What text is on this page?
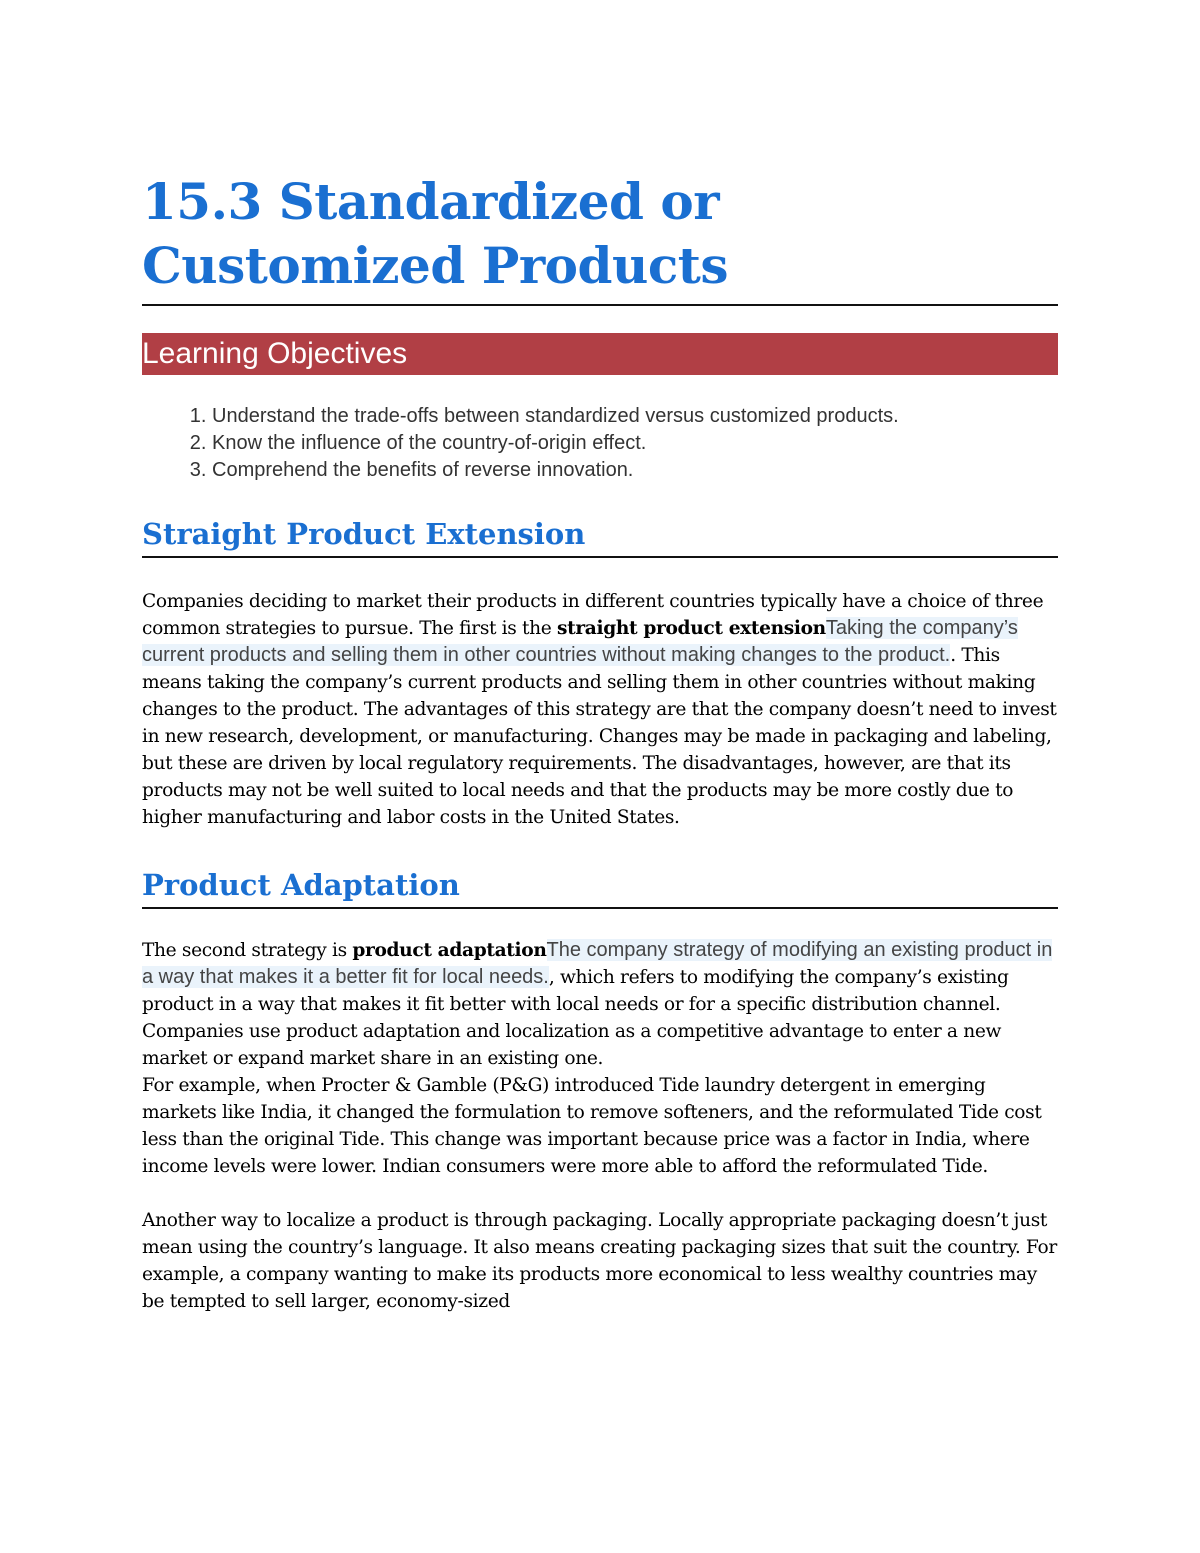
15.3 Standardized or Customized Products
Learning Objectives
1. Understand the trade-offs between standardized versus customized products.
2. Know the influence of the country-of-origin effect.
3. Comprehend the benefits of reverse innovation.
Straight Product Extension

Companies deciding to market their products in different countries typically have a choice of three common strategies to pursue. The first is the straight product extensionTaking the company’s current products and selling them in other countries without making changes to the product.. This means taking the company’s current products and selling them in other countries without making changes to the product. The advantages of this strategy are that the company doesn’t need to invest in new research, development, or manufacturing. Changes may be made in packaging and labeling, but these are driven by local regulatory requirements. The disadvantages, however, are that its products may not be well suited to local needs and that the products may be more costly due to higher manufacturing and labor costs in the United States.

Product Adaptation

The second strategy is product adaptationThe company strategy of modifying an existing product in a way that makes it a better fit for local needs., which refers to modifying the company’s existing product in a way that makes it fit better with local needs or for a specific distribution channel. Companies use product adaptation and localization as a competitive advantage to enter a new market or expand market share in an existing one.

For example, when Procter & Gamble (P&G) introduced Tide laundry detergent in emerging markets like India, it changed the formulation to remove softeners, and the reformulated Tide cost less than the original Tide. This change was important because price was a factor in India, where income levels were lower. Indian consumers were more able to afford the reformulated Tide.

Another way to localize a product is through packaging. Locally appropriate packaging doesn’t just mean using the country’s language. It also means creating packaging sizes that suit the country. For example, a company wanting to make its products more economical to less wealthy countries may be tempted to sell larger, economy-sized
